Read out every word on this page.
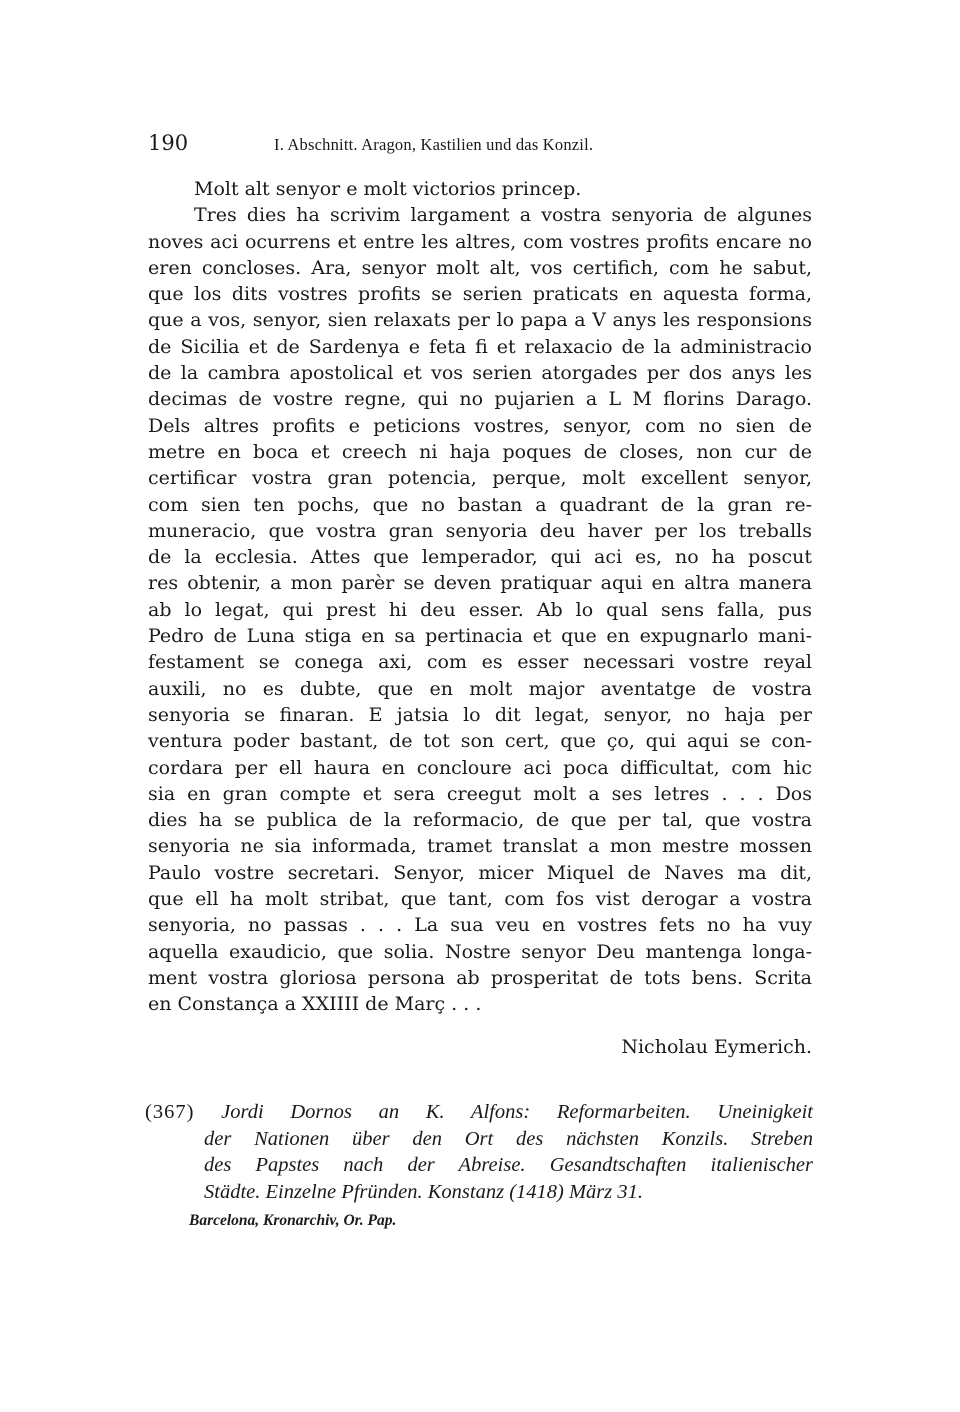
190	I. Abschnitt. Aragon, Kastilien und das Konzil.
Molt alt senyor e molt victorios princep.
Tres dies ha scrivim largament a vostra senyoria de algunes
noves aci ocurrens et entre les altres, com vostres profits encare no
eren concloses. Ara, senyor molt alt, vos certifich, com he sabut,
que los dits vostres profits se serien praticats en aquesta forma,
que a vos, senyor, sien relaxats per lo papa a V anys les responsions
de Sicilia et de Sardenya e feta fi et relaxacio de la administracio
de la cambra apostolical et vos serien atorgades per dos anys les
decimas de vostre regne, qui no pujarien a L M florins Darago.
Dels altres profits e peticions vostres, senyor, com no sien de
metre en boca et creech ni haja poques de closes, non cur de
certificar vostra gran potencia, perque, molt excellent senyor,
com sien ten pochs, que no bastan a quadrant de la gran re-
muneracio, que vostra gran senyoria deu haver per los treballs
de la ecclesia. Attes que lemperador, qui aci es, no ha poscut
res obtenir, a mon parèr se deven pratiquar aqui en altra manera
ab lo legat, qui prest hi deu esser. Ab lo qual sens falla, pus
Pedro de Luna stiga en sa pertinacia et que en expugnarlo mani-
festament se conega axi, com es esser necessari vostre reyal
auxili, no es dubte, que en molt major aventatge de vostra
senyoria se finaran. E jatsia lo dit legat, senyor, no haja per
ventura poder bastant, de tot son cert, que ço, qui aqui se con-
cordara per ell haura en concloure aci poca difficultat, com hic
sia en gran compte et sera creegut molt a ses letres . . . Dos
dies ha se publica de la reformacio, de que per tal, que vostra
senyoria ne sia informada, tramet translat a mon mestre mossen
Paulo vostre secretari. Senyor, micer Miquel de Naves ma dit,
que ell ha molt stribat, que tant, com fos vist derogar a vostra
senyoria, no passas . . . La sua veu en vostres fets no ha vuy
aquella exaudicio, que solia. Nostre senyor Deu mantenga longa-
ment vostra gloriosa persona ab prosperitat de tots bens. Scrita
en Constança a XXIIII de Març . . .
Nicholau Eymerich.
(367) Jordi Dornos an K. Alfons: Reformarbeiten. Uneinigkeit
der Nationen über den Ort des nächsten Konzils. Streben
des Papstes nach der Abreise. Gesandtschaften italienischer
Städte. Einzelne Pfründen. Konstanz (1418) März 31.
Barcelona, Kronarchiv, Or. Pap.
